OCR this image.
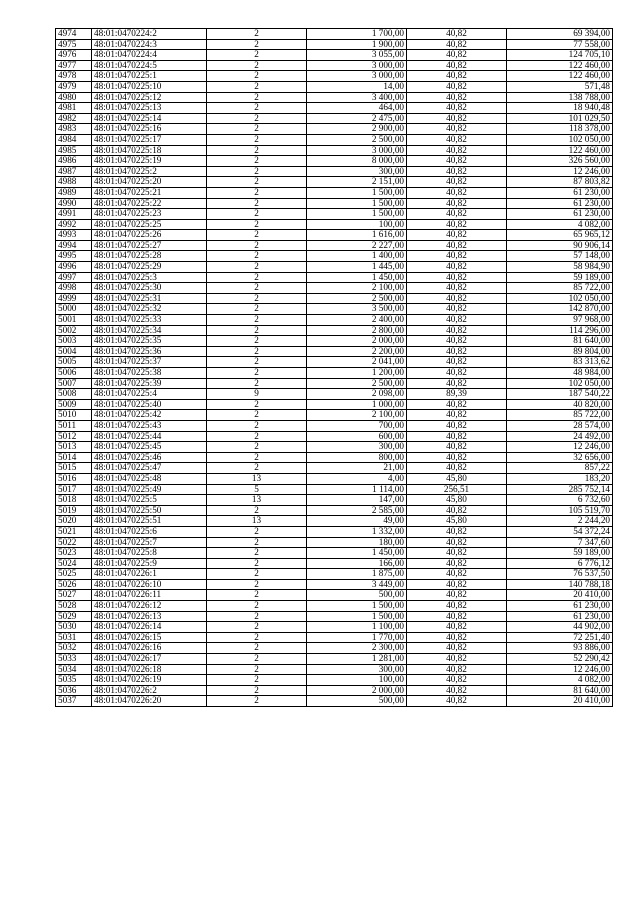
4974	48:01:0470224:2	2	1 700,00	40,82	69 394,00
4975	48:01:0470224:3	2	1 900,00	40,82	77 558,00
4976	48:01:0470224:4	2	3 055,00	40,82	124 705,10
4977	48:01:0470224:5	2	3 000,00	40,82	122 460,00
4978	48:01:0470225:1	2	3 000,00	40,82	122 460,00
4979	48:01:0470225:10	2	14,00	40,82	571,48
4980	48:01:0470225:12	2	3 400,00	40,82	138 788,00
4981	48:01:0470225:13	2	464,00	40,82	18 940,48
4982	48:01:0470225:14	2	2 475,00	40,82	101 029,50
4983	48:01:0470225:16	2	2 900,00	40,82	118 378,00
4984	48:01:0470225:17	2	2 500,00	40,82	102 050,00
4985	48:01:0470225:18	2	3 000,00	40,82	122 460,00
4986	48:01:0470225:19	2	8 000,00	40,82	326 560,00
4987	48:01:0470225:2	2	300,00	40,82	12 246,00
4988	48:01:0470225:20	2	2 151,00	40,82	87 803,82
4989	48:01:0470225:21	2	1 500,00	40,82	61 230,00
4990	48:01:0470225:22	2	1 500,00	40,82	61 230,00
4991	48:01:0470225:23	2	1 500,00	40,82	61 230,00
4992	48:01:0470225:25	2	100,00	40,82	4 082,00
4993	48:01:0470225:26	2	1 616,00	40,82	65 965,12
4994	48:01:0470225:27	2	2 227,00	40,82	90 906,14
4995	48:01:0470225:28	2	1 400,00	40,82	57 148,00
4996	48:01:0470225:29	2	1 445,00	40,82	58 984,90
4997	48:01:0470225:3	2	1 450,00	40,82	59 189,00
4998	48:01:0470225:30	2	2 100,00	40,82	85 722,00
4999	48:01:0470225:31	2	2 500,00	40,82	102 050,00
5000	48:01:0470225:32	2	3 500,00	40,82	142 870,00
5001	48:01:0470225:33	2	2 400,00	40,82	97 968,00
5002	48:01:0470225:34	2	2 800,00	40,82	114 296,00
5003	48:01:0470225:35	2	2 000,00	40,82	81 640,00
5004	48:01:0470225:36	2	2 200,00	40,82	89 804,00
5005	48:01:0470225:37	2	2 041,00	40,82	83 313,62
5006	48:01:0470225:38	2	1 200,00	40,82	48 984,00
5007	48:01:0470225:39	2	2 500,00	40,82	102 050,00
5008	48:01:0470225:4	9	2 098,00	89,39	187 540,22
5009	48:01:0470225:40	2	1 000,00	40,82	40 820,00
5010	48:01:0470225:42	2	2 100,00	40,82	85 722,00
5011	48:01:0470225:43	2	700,00	40,82	28 574,00
5012	48:01:0470225:44	2	600,00	40,82	24 492,00
5013	48:01:0470225:45	2	300,00	40,82	12 246,00
5014	48:01:0470225:46	2	800,00	40,82	32 656,00
5015	48:01:0470225:47	2	21,00	40,82	857,22
5016	48:01:0470225:48	13	4,00	45,80	183,20
5017	48:01:0470225:49	5	1 114,00	256,51	285 752,14
5018	48:01:0470225:5	13	147,00	45,80	6 732,60
5019	48:01:0470225:50	2	2 585,00	40,82	105 519,70
5020	48:01:0470225:51	13	49,00	45,80	2 244,20
5021	48:01:0470225:6	2	1 332,00	40,82	54 372,24
5022	48:01:0470225:7	2	180,00	40,82	7 347,60
5023	48:01:0470225:8	2	1 450,00	40,82	59 189,00
5024	48:01:0470225:9	2	166,00	40,82	6 776,12
5025	48:01:0470226:1	2	1 875,00	40,82	76 537,50
5026	48:01:0470226:10	2	3 449,00	40,82	140 788,18
5027	48:01:0470226:11	2	500,00	40,82	20 410,00
5028	48:01:0470226:12	2	1 500,00	40,82	61 230,00
5029	48:01:0470226:13	2	1 500,00	40,82	61 230,00
5030	48:01:0470226:14	2	1 100,00	40,82	44 902,00
5031	48:01:0470226:15	2	1 770,00	40,82	72 251,40
5032	48:01:0470226:16	2	2 300,00	40,82	93 886,00
5033	48:01:0470226:17	2	1 281,00	40,82	52 290,42
5034	48:01:0470226:18	2	300,00	40,82	12 246,00
5035	48:01:0470226:19	2	100,00	40,82	4 082,00
5036	48:01:0470226:2	2	2 000,00	40,82	81 640,00
5037	48:01:0470226:20	2	500,00	40,82	20 410,00
